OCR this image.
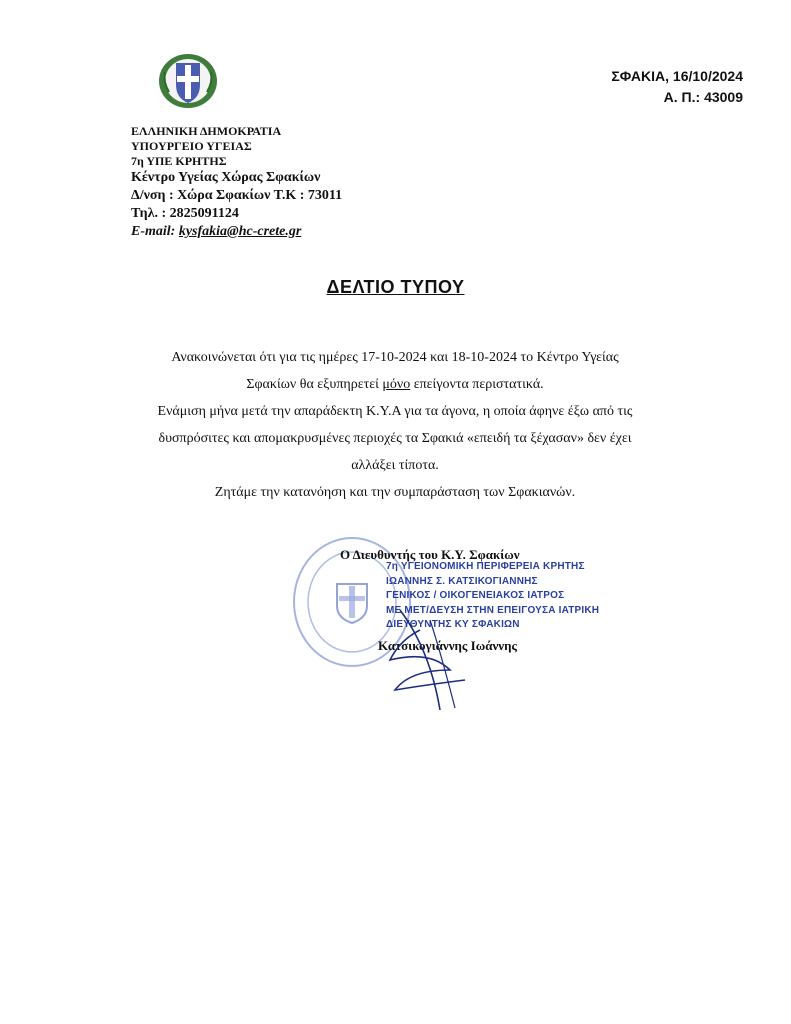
ΣΦΑΚΙΑ, 16/10/2024
Α. Π.: 43009
ΕΛΛΗΝΙΚΗ ΔΗΜΟΚΡΑΤΙΑ
ΥΠΟΥΡΓΕΙΟ ΥΓΕΙΑΣ
7η ΥΠΕ ΚΡΗΤΗΣ
Κέντρο Υγείας Χώρας Σφακίων
Δ/νση : Χώρα Σφακίων Τ.Κ : 73011
Τηλ. : 2825091124
E-mail: kysfakia@hc-crete.gr
ΔΕΛΤΙΟ ΤΥΠΟΥ

Ανακοινώνεται ότι για τις ημέρες 17-10-2024 και 18-10-2024 το Κέντρο Υγείας Σφακίων θα εξυπηρετεί μόνο επείγοντα περιστατικά.

Ενάμιση μήνα μετά την απαράδεκτη Κ.Υ.Α για τα άγονα, η οποία άφηνε έξω από τις δυσπρόσιτες και απομακρυσμένες περιοχές τα Σφακιά «επειδή τα ξέχασαν» δεν έχει αλλάξει τίποτα.

Ζητάμε την κατανόηση και την συμπαράσταση των Σφακιανών.

Ο Διευθυντής του Κ.Υ. Σφακίων
7η ΥΓΕΙΟΝΟΜΙΚΗ ΠΕΡΙΦΕΡΕΙΑ ΚΡΗΤΗΣ
ΙΩΑΝΝΗΣ Σ. ΚΑΤΣΙΚΟΓΙΑΝΝΗΣ
ΓΕΝΙΚΟΣ / ΟΙΚΟΓΕΝΕΙΑΚΟΣ ΙΑΤΡΟΣ
ΜΕ ΜΕΤ/ΔΕΥΣΗ ΣΤΗΝ ΕΠΕΙΓΟΥΣΑ ΙΑΤΡΙΚΗ
ΔΙΕΥΘΥΝΤΗΣ ΚΥ ΣΦΑΚΙΩΝ
Κατσικογιάννης Ιωάννης
